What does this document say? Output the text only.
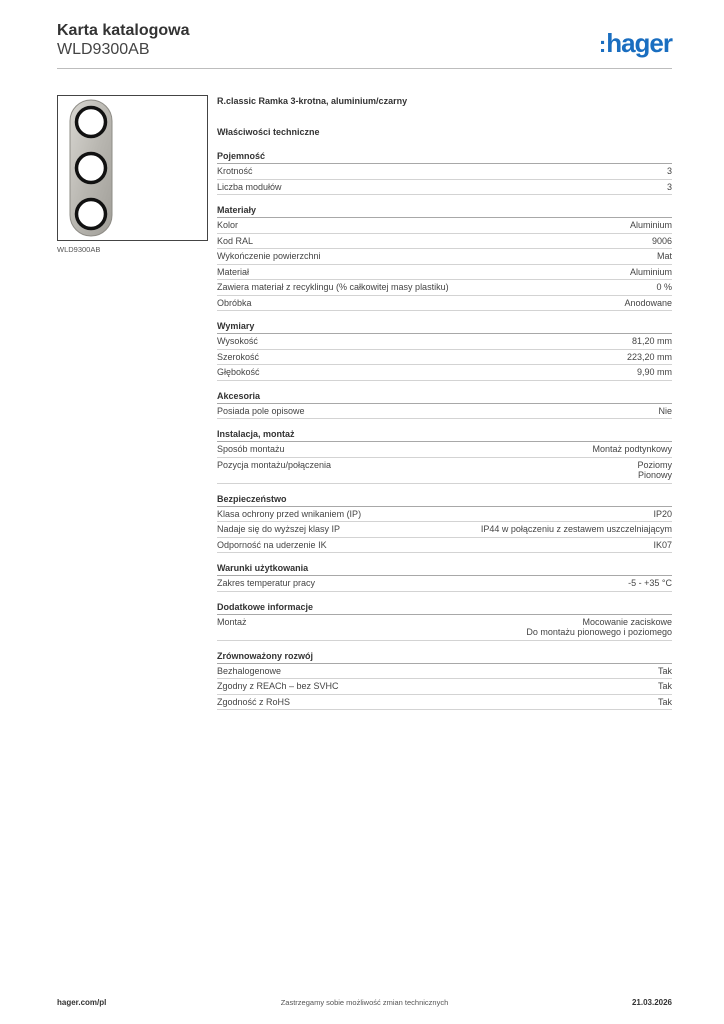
Karta katalogowa
WLD9300AB	:hager
WLD9300AB
R.classic Ramka 3-krotna, aluminium/czarny
Właściwości techniczne
Pojemność
Krotność	3
Liczba modułów	3
Materiały
Kolor	Aluminium
Kod RAL	9006
Wykończenie powierzchni	Mat
Materiał	Aluminium
Zawiera materiał z recyklingu (% całkowitej masy plastiku)	0 %
Obróbka	Anodowane
Wymiary
Wysokość	81,20 mm
Szerokość	223,20 mm
Głębokość	9,90 mm
Akcesoria
Posiada pole opisowe	Nie
Instalacja, montaż
Sposób montażu	Montaż podtynkowy
Pozycja montażu/połączenia	Poziomy
Pionowy
Bezpieczeństwo
Klasa ochrony przed wnikaniem (IP)	IP20
Nadaje się do wyższej klasy IP	IP44 w połączeniu z zestawem uszczelniającym
Odporność na uderzenie IK	IK07
Warunki użytkowania
Zakres temperatur pracy	-5 - +35 °C
Dodatkowe informacje
Montaż	Mocowanie zaciskowe
Do montażu pionowego i poziomego
Zrównoważony rozwój
Bezhalogenowe	Tak
Zgodny z REACh – bez SVHC	Tak
Zgodność z RoHS	Tak
hager.com/pl	Zastrzegamy sobie możliwość zmian technicznych	21.03.2026
